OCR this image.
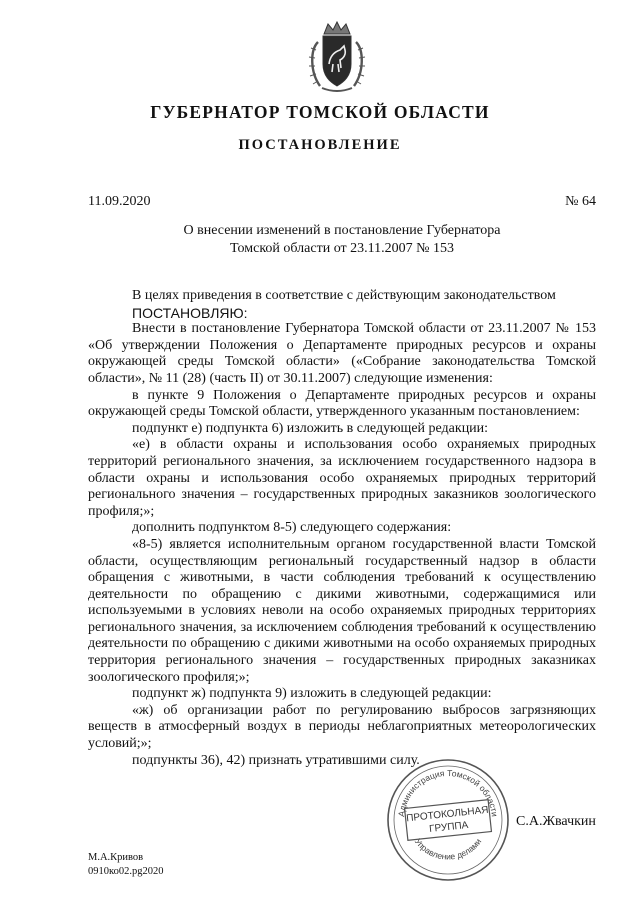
ГУБЕРНАТОР ТОМСКОЙ ОБЛАСТИ
ПОСТАНОВЛЕНИЕ
11.09.2020	№ 64
О внесении изменений в постановление Губернатора
Томской области от 23.11.2007 № 153

В целях приведения в соответствие с действующим законодательством

ПОСТАНОВЛЯЮ:

Внести в постановление Губернатора Томской области от 23.11.2007 № 153 «Об утверждении Положения о Департаменте природных ресурсов и охраны окружающей среды Томской области» («Собрание законодательства Томской области», № 11 (28) (часть II) от 30.11.2007) следующие изменения:

в пункте 9 Положения о Департаменте природных ресурсов и охраны окружающей среды Томской области, утвержденного указанным постановлением:

подпункт е) подпункта 6) изложить в следующей редакции:

«е) в области охраны и использования особо охраняемых природных территорий регионального значения, за исключением государственного надзора в области охраны и использования особо охраняемых природных территорий регионального значения – государственных природных заказников зоологического профиля;»;

дополнить подпунктом 8-5) следующего содержания:

«8-5) является исполнительным органом государственной власти Томской области, осуществляющим региональный государственный надзор в области обращения с животными, в части соблюдения требований к осуществлению деятельности по обращению с дикими животными, содержащимися или используемыми в условиях неволи на особо охраняемых природных территориях регионального значения, за исключением соблюдения требований к осуществлению деятельности по обращению с дикими животными на особо охраняемых природных территория регионального значения – государственных природных заказниках зоологического профиля;»;

подпункт ж) подпункта 9) изложить в следующей редакции:

«ж) об организации работ по регулированию выбросов загрязняющих веществ в атмосферный воздух в периоды неблагоприятных метеорологических условий;»;

подпункты 36), 42) признать утратившими силу.

Администрация Томской области
Управление делами
ПРОТОКОЛЬНАЯ
ГРУППА	С.А.Жвачкин
М.А.Кривов
0910ко02.pg2020
